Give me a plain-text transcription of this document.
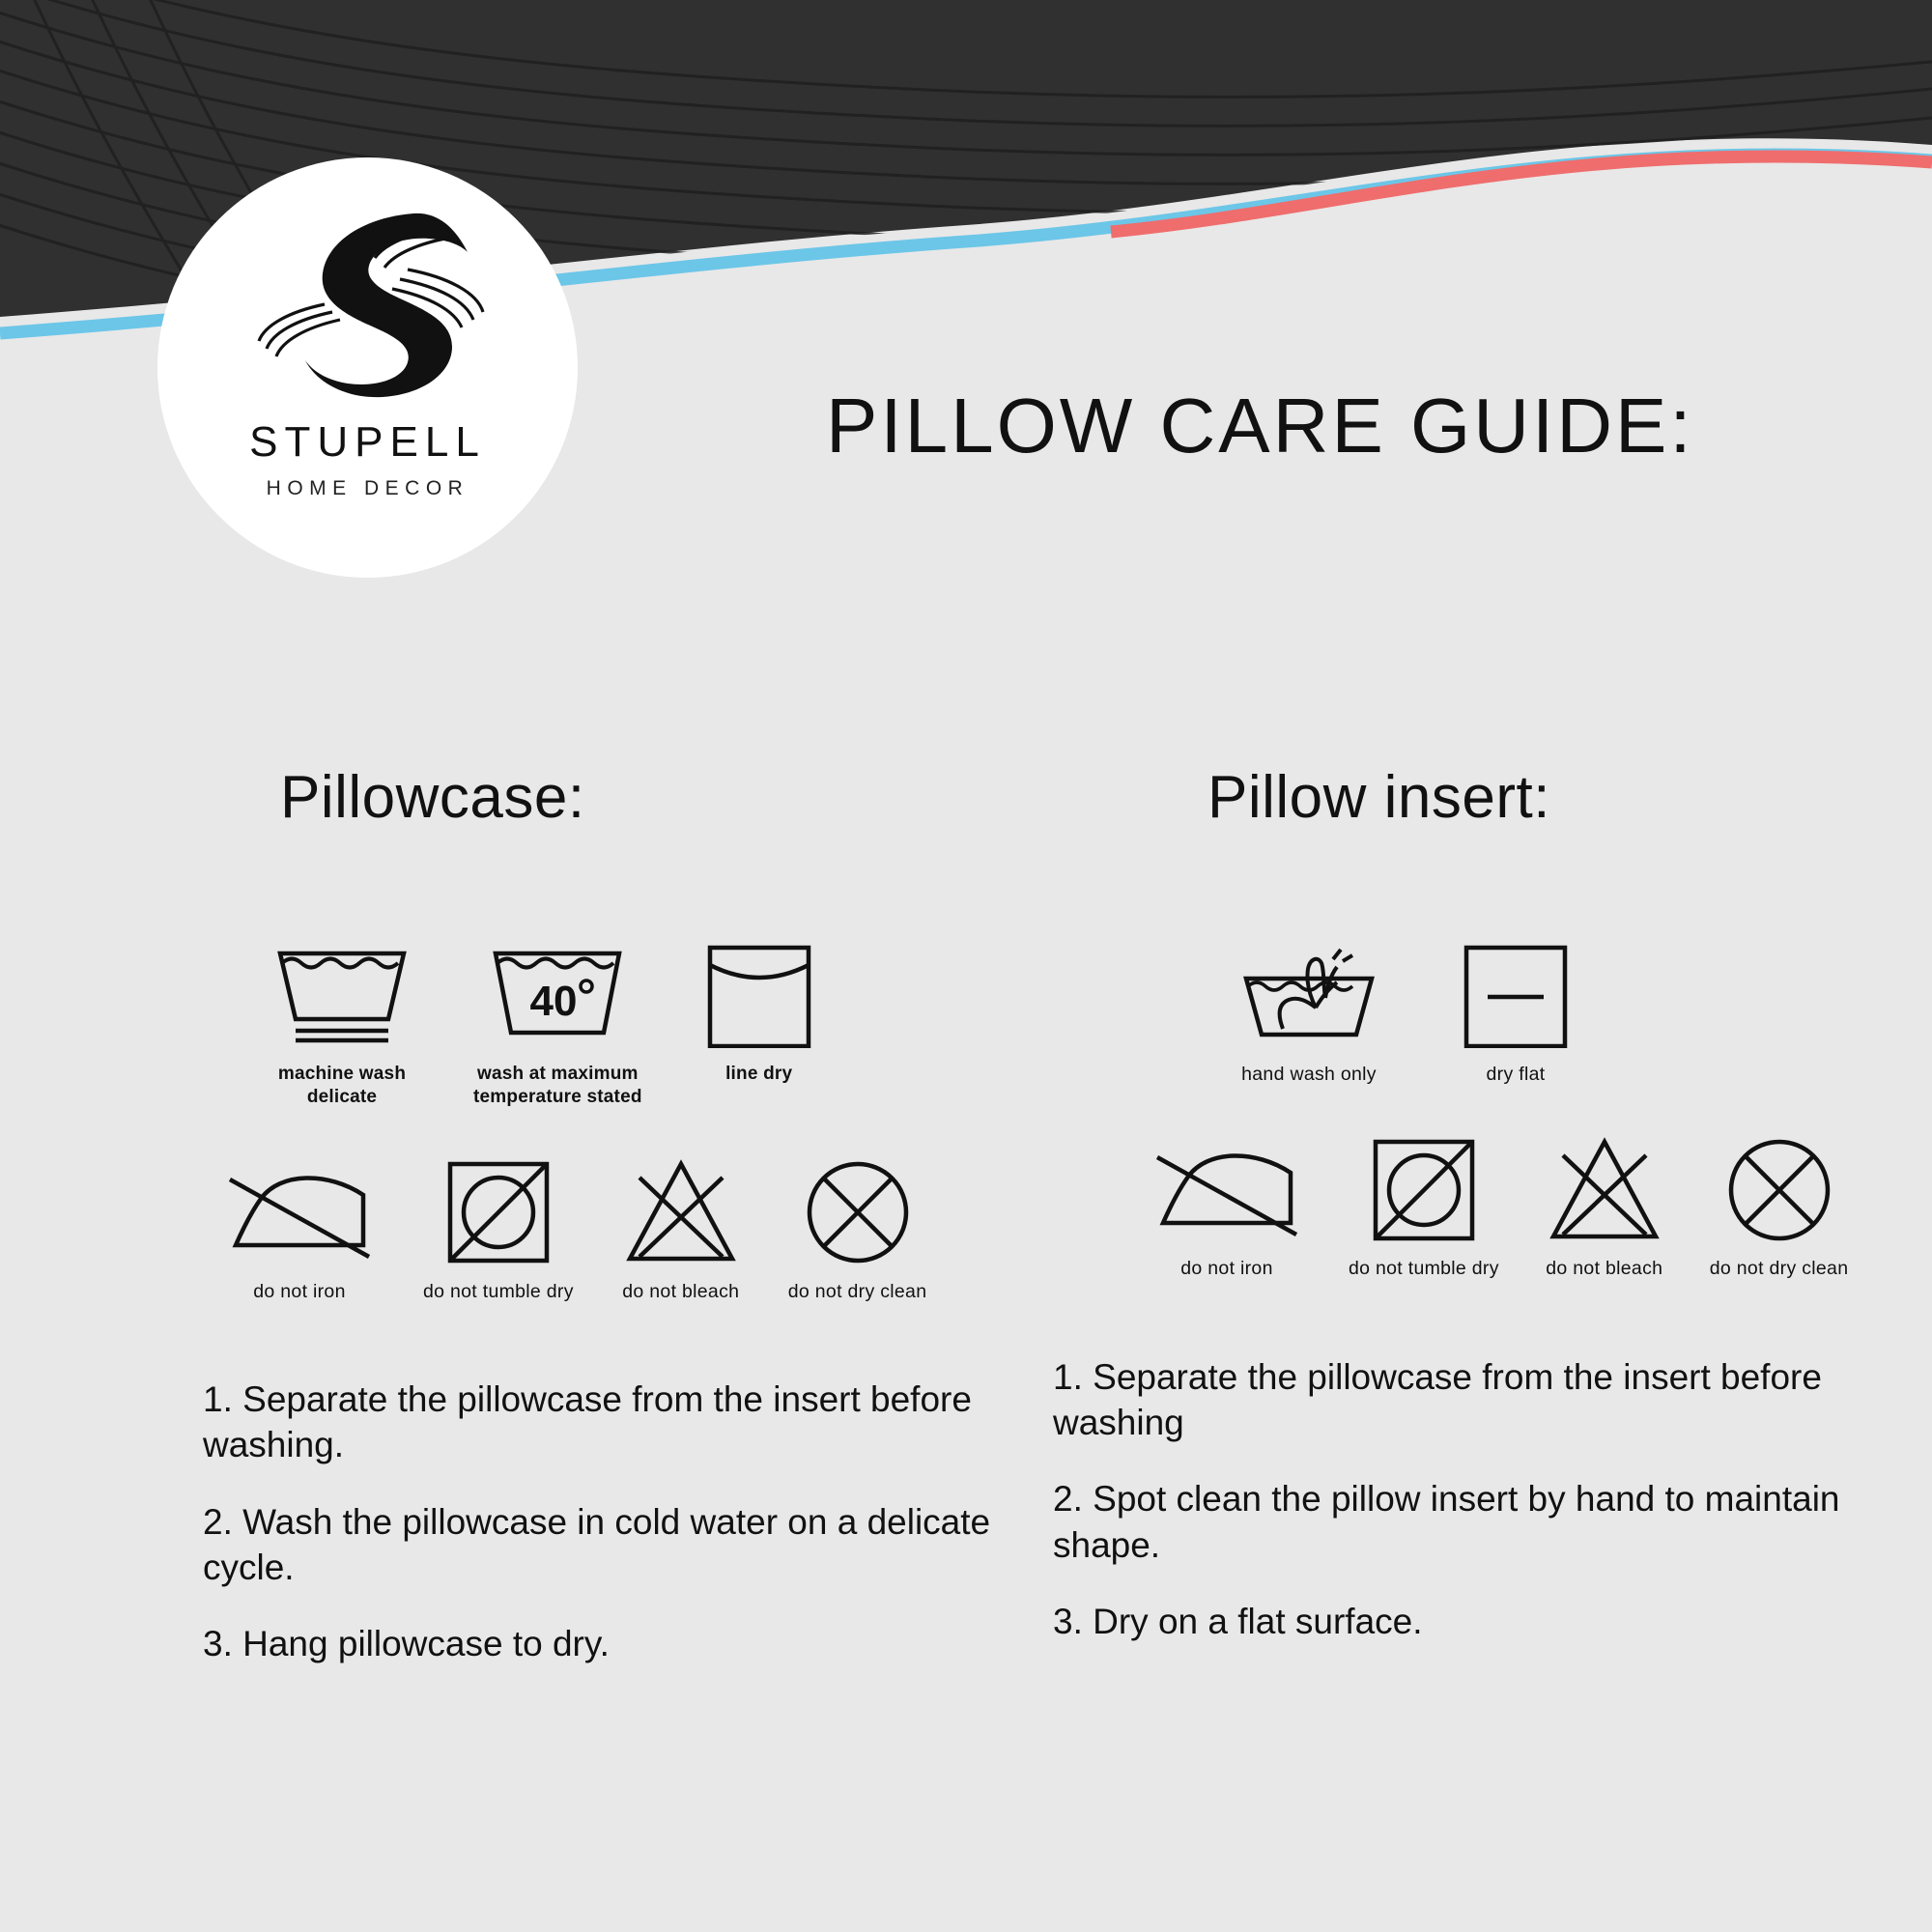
STUPELL
HOME DECOR
PILLOW CARE GUIDE:
Pillowcase:
machine wash
delicate
40
wash at maximum
temperature stated
line dry
do not iron	do not tumble dry	do not bleach	do not dry clean
1. Separate the pillowcase from the insert before washing.
2. Wash the pillowcase in cold water on a delicate cycle.
3. Hang pillowcase to dry.
Pillow insert:
hand wash only	dry flat
do not iron	do not tumble dry do not bleach do not dry clean
1. Separate the pillowcase from the insert before washing
2. Spot clean the pillow insert by hand to maintain shape.
3. Dry on a flat surface.
